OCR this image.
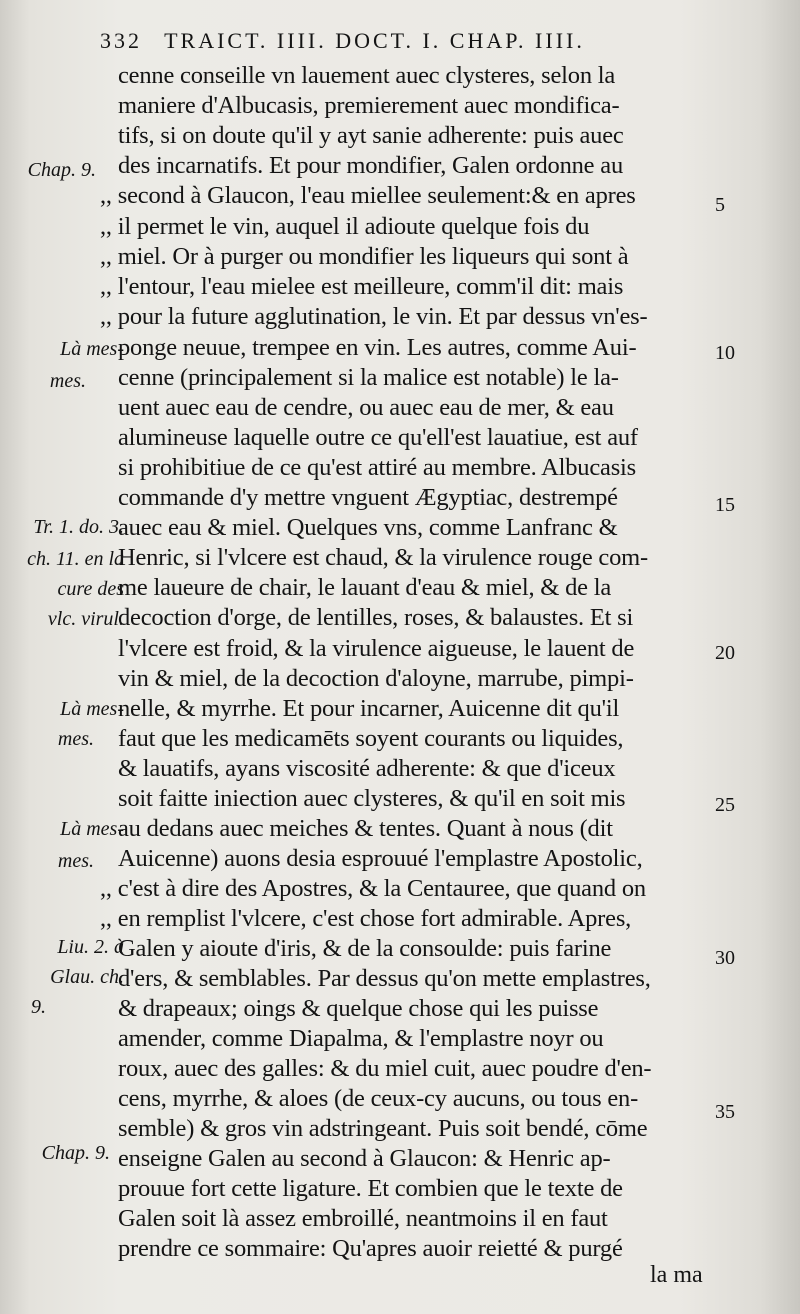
332 TRAICT. IIII. DOCT. I. CHAP. IIII.
cenne conseille vn lauement auec clysteres, selon la
maniere d'Albucasis, premierement auec mondifica-
tifs, si on doute qu'il y ayt sanie adherente: puis auec
des incarnatifs. Et pour mondifier, Galen ordonne au
,, second à Glaucon, l'eau miellee seulement:& en apres
,, il permet le vin, auquel il adioute quelque fois du
,, miel. Or à purger ou mondifier les liqueurs qui sont à
,, l'entour, l'eau mielee est meilleure, comm'il dit: mais
,, pour la future agglutination, le vin. Et par dessus vn'es-
ponge neuue, trempee en vin. Les autres, comme Aui-
cenne (principalement si la malice est notable) le la-
uent auec eau de cendre, ou auec eau de mer, & eau
alumineuse laquelle outre ce qu'ell'est lauatiue, est auf
si prohibitiue de ce qu'est attiré au membre. Albucasis
commande d'y mettre vnguent Ægyptiac, destrempé
auec eau & miel. Quelques vns, comme Lanfranc &
Henric, si l'vlcere est chaud, & la virulence rouge com-
me laueure de chair, le lauant d'eau & miel, & de la
decoction d'orge, de lentilles, roses, & balaustes. Et si
l'vlcere est froid, & la virulence aigueuse, le lauent de
vin & miel, de la decoction d'aloyne, marrube, pimpi-
nelle, & myrrhe. Et pour incarner, Auicenne dit qu'il
faut que les medicamēts soyent courants ou liquides,
& lauatifs, ayans viscosité adherente: & que d'iceux
soit faitte iniection auec clysteres, & qu'il en soit mis
au dedans auec meiches & tentes. Quant à nous (dit
Auicenne) auons desia esprouué l'emplastre Apostolic,
,, c'est à dire des Apostres, & la Centauree, que quand on
,, en remplist l'vlcere, c'est chose fort admirable. Apres,
Galen y aioute d'iris, & de la consoulde: puis farine
d'ers, & semblables. Par dessus qu'on mette emplastres,
& drapeaux; oings & quelque chose qui les puisse
amender, comme Diapalma, & l'emplastre noyr ou
roux, auec des galles: & du miel cuit, auec poudre d'en-
cens, myrrhe, & aloes (de ceux-cy aucuns, ou tous en-
semble) & gros vin adstringeant. Puis soit bendé, cōme
enseigne Galen au second à Glaucon: & Henric ap-
prouue fort cette ligature. Et combien que le texte de
Galen soit là assez embroillé, neantmoins il en faut
prendre ce sommaire: Qu'apres auoir reietté & purgé
Chap. 9.
Là mes-
mes.
Tr. 1. do. 3.
ch. 11. en la
cure des
vlc. virul.
Là mes-
mes.
Là mes-
mes.
Liu. 2. à
Glau. ch.
9.
Chap. 9.
5
10
15
20
25
30
35
la ma
